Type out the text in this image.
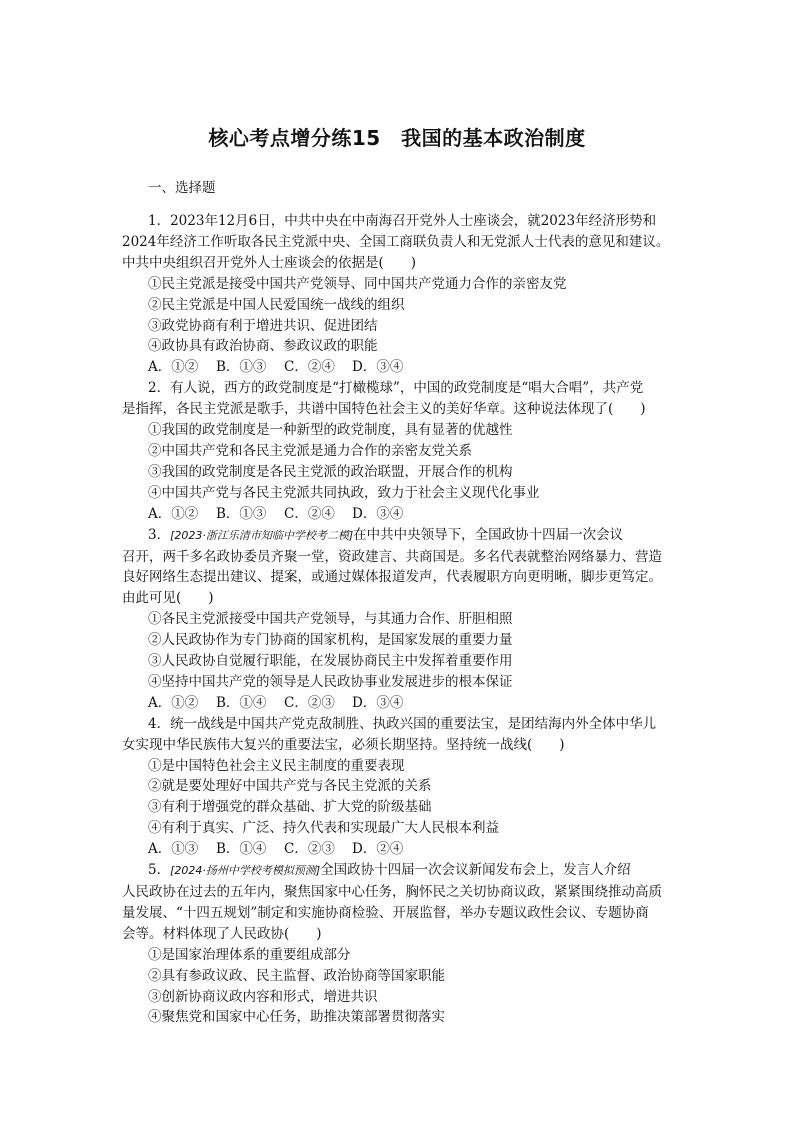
核心考点增分练15　我国的基本政治制度
一、选择题
1．2023年12月6日，中共中央在中南海召开党外人士座谈会，就2023年经济形势和
2024年经济工作听取各民主党派中央、全国工商联负责人和无党派人士代表的意见和建议。
中共中央组织召开党外人士座谈会的依据是(　　)
①民主党派是接受中国共产党领导、同中国共产党通力合作的亲密友党
②民主党派是中国人民爱国统一战线的组织
③政党协商有利于增进共识、促进团结
④政协具有政治协商、参政议政的职能
A．①②	B．①③	C．②④	D．③④
2．有人说，西方的政党制度是“打橄榄球”，中国的政党制度是“唱大合唱”，共产党
是指挥，各民主党派是歌手，共谱中国特色社会主义的美好华章。这种说法体现了(　　)
①我国的政党制度是一种新型的政党制度，具有显著的优越性
②中国共产党和各民主党派是通力合作的亲密友党关系
③我国的政党制度是各民主党派的政治联盟，开展合作的机构
④中国共产党与各民主党派共同执政，致力于社会主义现代化事业
A．①②	B．①③	C．②④	D．③④
3．[2023·浙江乐清市知临中学校考二模]在中共中央领导下，全国政协十四届一次会议
召开，两千多名政协委员齐聚一堂，资政建言、共商国是。多名代表就整治网络暴力、营造
良好网络生态提出建议、提案，或通过媒体报道发声，代表履职方向更明晰，脚步更笃定。
由此可见(　　)
①各民主党派接受中国共产党领导，与其通力合作、肝胆相照
②人民政协作为专门协商的国家机构，是国家发展的重要力量
③人民政协自觉履行职能，在发展协商民主中发挥着重要作用
④坚持中国共产党的领导是人民政协事业发展进步的根本保证
A．①②	B．①④	C．②③	D．③④
4．统一战线是中国共产党克敌制胜、执政兴国的重要法宝，是团结海内外全体中华儿
女实现中华民族伟大复兴的重要法宝，必须长期坚持。坚持统一战线(　　)
①是中国特色社会主义民主制度的重要表现
②就是要处理好中国共产党与各民主党派的关系
③有利于增强党的群众基础、扩大党的阶级基础
④有利于真实、广泛、持久代表和实现最广大人民根本利益
A．①③	B．①④	C．②③	D．②④
5．[2024·扬州中学校考模拟预测]全国政协十四届一次会议新闻发布会上，发言人介绍
人民政协在过去的五年内，聚焦国家中心任务，胸怀民之关切协商议政，紧紧围绕推动高质
量发展、“十四五规划”制定和实施协商检验、开展监督，举办专题议政性会议、专题协商
会等。材料体现了人民政协(　　)
①是国家治理体系的重要组成部分
②具有参政议政、民主监督、政治协商等国家职能
③创新协商议政内容和形式，增进共识
④聚焦党和国家中心任务，助推决策部署贯彻落实
